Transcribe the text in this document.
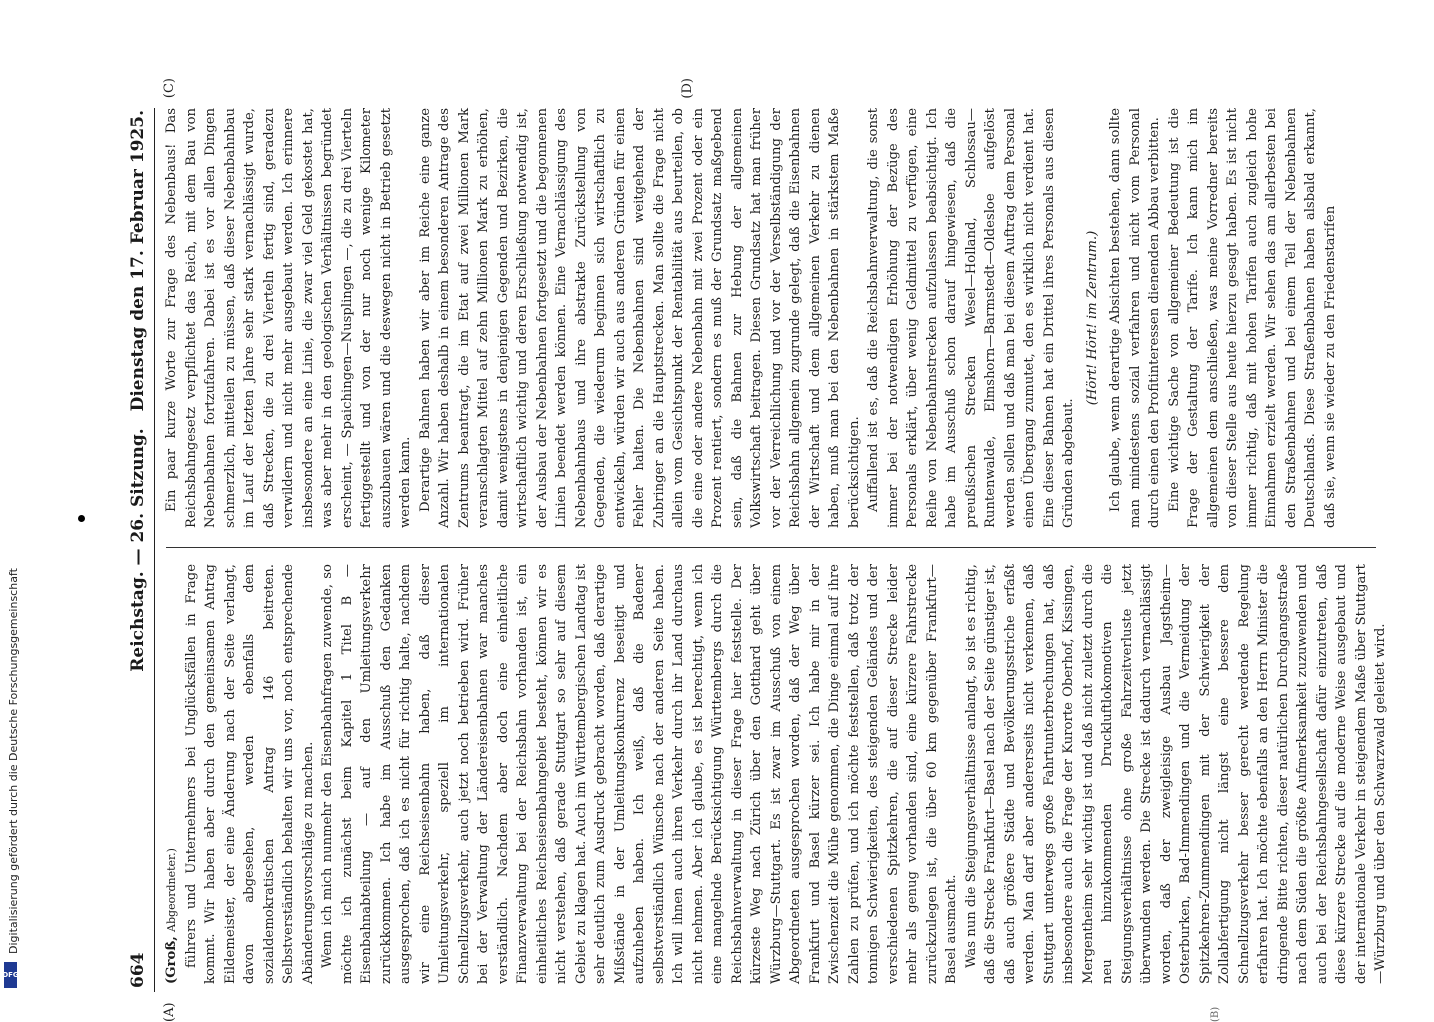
Digitalisierung gefördert durch die Deutsche Forschungsgemeinschaft
DFG	664
Reichstag. — 26. Sitzung.
Dienstag den 17. Februar 1925.
(A)	(B)
(C)	(D)

(Groß, Abgeordneter.) führers und Unternehmers bei Unglücksfällen in Frage kommt. Wir haben aber durch den gemeinsamen Antrag Eildemeister, der eine Änderung nach der Seite verlangt, davon abgesehen, werden ebenfalls dem sozialdemokratischen Antrag 146 beitreten. Selbstverständlich behalten wir uns vor, noch entsprechende Abänderungsvorschläge zu machen. Wenn ich mich nunmehr den Eisenbahnfragen zuwende, so möchte ich zunächst beim Kapitel 1 Titel B — Eisenbahnabteilung — auf den Umleitungsverkehr zurückkommen. Ich habe im Ausschuß den Gedanken ausgesprochen, daß ich es nicht für richtig halte, nachdem wir eine Reichseisenbahn haben, daß dieser Umleitungsverkehr, speziell im internationalen Schnellzugsverkehr, auch jetzt noch betrieben wird. Früher bei der Verwaltung der Ländereisenbahnen war manches verständlich. Nachdem aber doch eine einheitliche Finanzverwaltung bei der Reichsbahn vorhanden ist, ein einheitliches Reichseisenbahngebiet besteht, können wir es nicht verstehen, daß gerade Stuttgart so sehr auf diesem Gebiet zu klagen hat. Auch im Württembergischen Landtag ist sehr deutlich zum Ausdruck gebracht worden, daß derartige Mißstände in der Umleitungskonkurrenz beseitigt und aufzuheben haben. Ich weiß, daß die Badener selbstverständlich Wünsche nach der anderen Seite haben. Ich will ihnen auch ihren Verkehr durch ihr Land durchaus nicht nehmen. Aber ich glaube, es ist berechtigt, wenn ich eine mangelnde Berücksichtigung Württembergs durch die Reichsbahnverwaltung in dieser Frage hier feststelle. Der kürzeste Weg nach Zürich über den Gotthard geht über Würzburg—Stuttgart. Es ist zwar im Ausschuß von einem Abgeordneten ausgesprochen worden, daß der Weg über Frankfurt und Basel kürzer sei. Ich habe mir in der Zwischenzeit die Mühe genommen, die Dinge einmal auf ihre Zahlen zu prüfen, und ich möchte feststellen, daß trotz der tonnigen Schwierigkeiten, des steigenden Geländes und der verschiedenen Spitzkehren, die auf dieser Strecke leider mehr als genug vorhanden sind, eine kürzere Fahrstrecke zurückzulegen ist, die über 60 km gegenüber Frankfurt—Basel ausmacht. Was nun die Steigungsverhältnisse anlangt, so ist es richtig, daß die Strecke Frankfurt—Basel nach der Seite günstiger ist, daß auch größere Städte und Bevölkerungsstriche erfaßt werden. Man darf aber andererseits nicht verkennen, daß Stuttgart unterwegs große Fahrtunterbrechungen hat, daß insbesondere auch die Frage der Kurorte Oberhof, Kissingen, Mergentheim sehr wichtig ist und daß nicht zuletzt durch die neu hinzukommenden Druckluftlokomotiven die Steigungsverhältnisse ohne große Fahrzeitverluste jetzt überwunden werden. Die Strecke ist dadurch vernachlässigt worden, daß der zweigleisige Ausbau Jagstheim—Osterburken, Bad-Immendingen und die Vermeidung der Spitzkehren-Zummendingen mit der Schwierigkeit der Zollabfertigung nicht längst eine bessere dem Schnellzugsverkehr besser gerecht werdende Regelung erfahren hat. Ich möchte ebenfalls an den Herrn Minister die dringende Bitte richten, dieser natürlichen Durchgangsstraße nach dem Süden die größte Aufmerksamkeit zuzuwenden und auch bei der Reichsbahngesellschaft dafür einzutreten, daß diese kürzere Strecke auf die moderne Weise ausgebaut und der internationale Verkehr in steigendem Maße über Stuttgart—Würzburg und über den Schwarzwald geleitet wird.

Ein paar kurze Worte zur Frage des Nebenbaus! Das Reichsbahngesetz verpflichtet das Reich, mit dem Bau von Nebenbahnen fortzufahren. Dabei ist es vor allen Dingen schmerzlich, mitteilen zu müssen, daß dieser Nebenbahnbau im Lauf der letzten Jahre sehr stark vernachlässigt wurde, daß Strecken, die zu drei Vierteln fertig sind, geradezu verwildern und nicht mehr ausgebaut werden. Ich erinnere insbesondere an eine Linie, die zwar viel Geld gekostet hat, was aber mehr in den geologischen Verhältnissen begründet erscheint, — Spaichingen—Nusplingen —, die zu drei Vierteln fertiggestellt und von der nur noch wenige Kilometer auszubauen wären und die deswegen nicht in Betrieb gesetzt werden kann. Derartige Bahnen haben wir aber im Reiche eine ganze Anzahl. Wir haben deshalb in einem besonderen Antrage des Zentrums beantragt, die im Etat auf zwei Millionen Mark veranschlagten Mittel auf zehn Millionen Mark zu erhöhen, damit wenigstens in denjenigen Gegenden und Bezirken, die wirtschaftlich wichtig und deren Erschließung notwendig ist, der Ausbau der Nebenbahnen fortgesetzt und die begonnenen Linien beendet werden können. Eine Vernachlässigung des Nebenbahnbaus und ihre abstrakte Zurückstellung von Gegenden, die wiederum beginnen sich wirtschaftlich zu entwickeln, würden wir auch aus anderen Gründen für einen Fehler halten. Die Nebenbahnen sind weitgehend der Zubringer an die Hauptstrecken. Man sollte die Frage nicht allein vom Gesichtspunkt der Rentabilität aus beurteilen, ob die eine oder andere Nebenbahn mit zwei Prozent oder ein Prozent rentiert, sondern es muß der Grundsatz maßgebend sein, daß die Bahnen zur Hebung der allgemeinen Volkswirtschaft beitragen. Diesen Grundsatz hat man früher vor der Verreichlichung und vor der Verselbständigung der Reichsbahn allgemein zugrunde gelegt, daß die Eisenbahnen der Wirtschaft und dem allgemeinen Verkehr zu dienen haben, muß man bei den Nebenbahnen in stärkstem Maße berücksichtigen. Auffallend ist es, daß die Reichsbahnverwaltung, die sonst immer bei der notwendigen Erhöhung der Bezüge des Personals erklärt, über wenig Geldmittel zu verfügen, eine Reihe von Nebenbahnstrecken aufzulassen beabsichtigt. Ich habe im Ausschuß schon darauf hingewiesen, daß die preußischen Strecken Wesel—Holland, Schlossau—Runtenwalde, Elmshorn—Barmstedt—Oldesloe aufgelöst werden sollen und daß man bei diesem Auftrag dem Personal einen Übergang zumutet, den es wirklich nicht verdient hat. Eine dieser Bahnen hat ein Drittel ihres Personals aus diesen Gründen abgebaut.

(Hört! Hört! im Zentrum.) Ich glaube, wenn derartige Absichten bestehen, dann sollte man mindestens sozial verfahren und nicht vom Personal durch einen den Profitinteressen dienenden Abbau verbitten. Eine wichtige Sache von allgemeiner Bedeutung ist die Frage der Gestaltung der Tarife. Ich kann mich im allgemeinen dem anschließen, was meine Vorredner bereits von dieser Stelle aus heute hierzu gesagt haben. Es ist nicht immer richtig, daß mit hohen Tarifen auch zugleich hohe Einnahmen erzielt werden. Wir sehen das am allerbesten bei den Straßenbahnen und bei einem Teil der Nebenbahnen Deutschlands. Diese Straßenbahnen haben alsbald erkannt, daß sie, wenn sie wieder zu den Friedenstarifen
